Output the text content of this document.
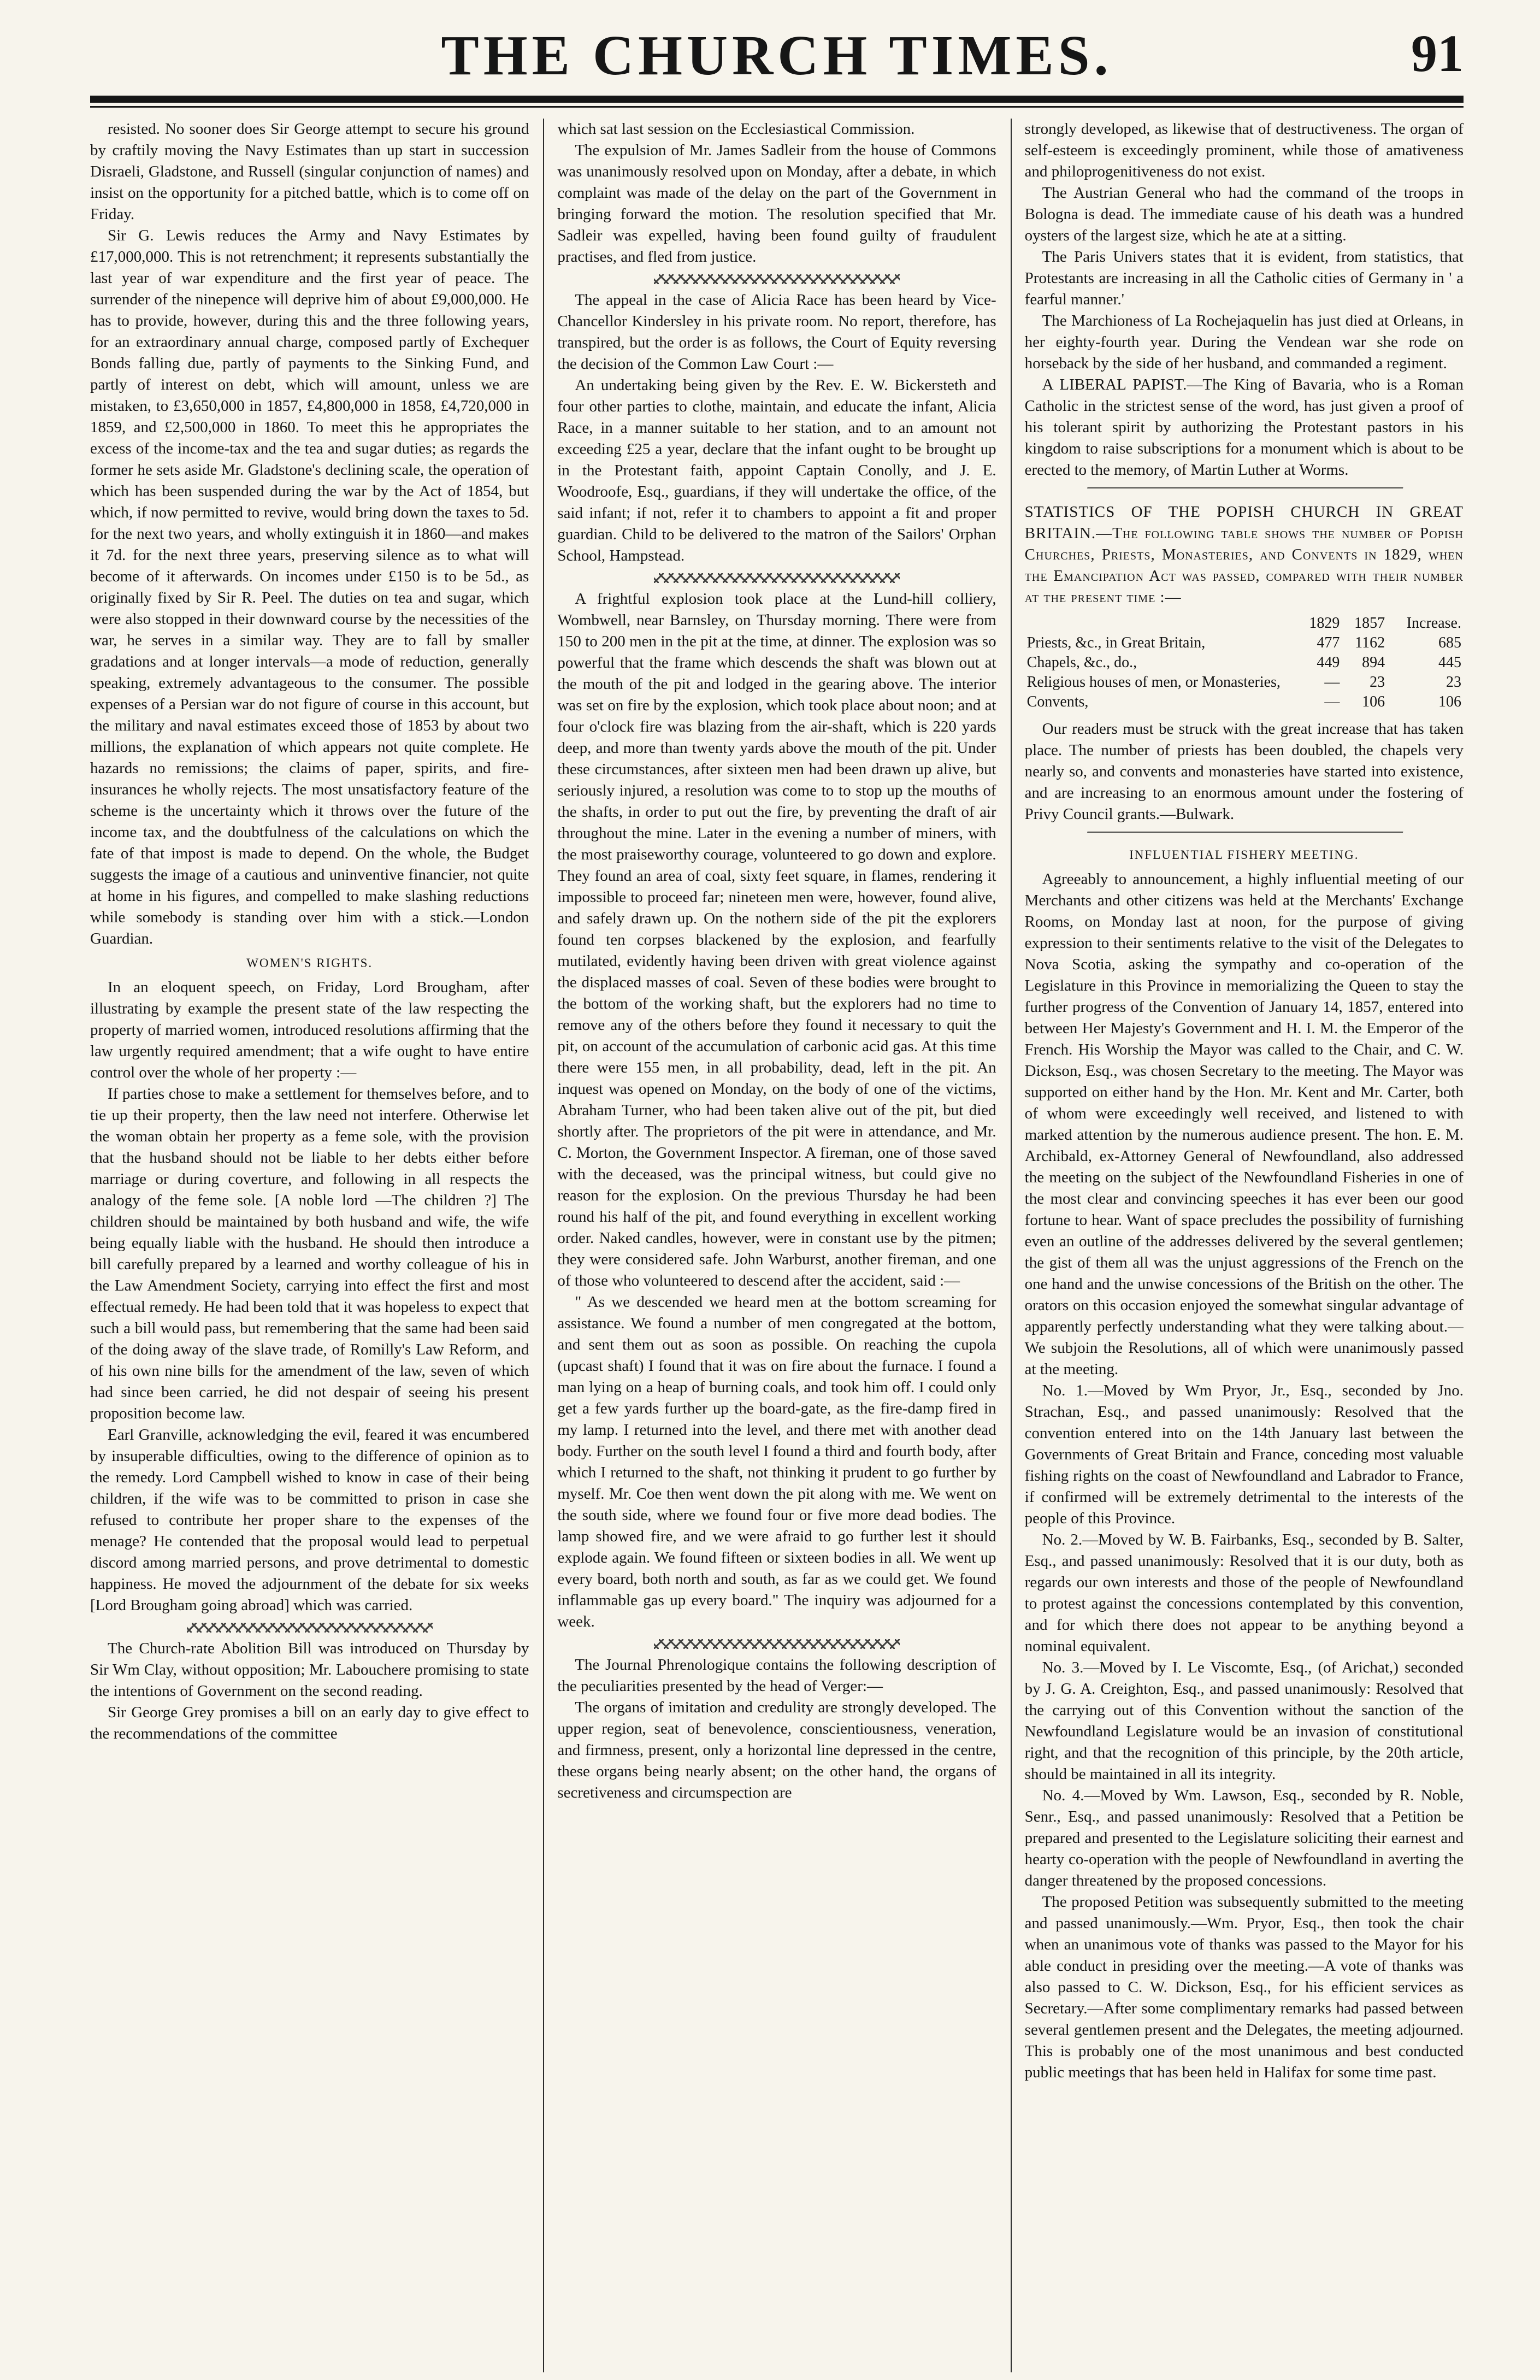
THE CHURCH TIMES.	91

resisted. No sooner does Sir George attempt to secure his ground by craftily moving the Navy Estimates than up start in succession Disraeli, Gladstone, and Russell (singular conjunction of names) and insist on the opportunity for a pitched battle, which is to come off on Friday.

Sir G. Lewis reduces the Army and Navy Estimates by £17,000,000. This is not retrenchment; it represents substantially the last year of war expenditure and the first year of peace. The surrender of the ninepence will deprive him of about £9,000,000. He has to provide, however, during this and the three following years, for an extraordinary annual charge, composed partly of Exchequer Bonds falling due, partly of payments to the Sinking Fund, and partly of interest on debt, which will amount, unless we are mistaken, to £3,650,000 in 1857, £4,800,000 in 1858, £4,720,000 in 1859, and £2,500,000 in 1860. To meet this he appropriates the excess of the income-tax and the tea and sugar duties; as regards the former he sets aside Mr. Gladstone's declining scale, the operation of which has been suspended during the war by the Act of 1854, but which, if now permitted to revive, would bring down the taxes to 5d. for the next two years, and wholly extinguish it in 1860—and makes it 7d. for the next three years, preserving silence as to what will become of it afterwards. On incomes under £150 is to be 5d., as originally fixed by Sir R. Peel. The duties on tea and sugar, which were also stopped in their downward course by the necessities of the war, he serves in a similar way. They are to fall by smaller gradations and at longer intervals—a mode of reduction, generally speaking, extremely advantageous to the consumer. The possible expenses of a Persian war do not figure of course in this account, but the military and naval estimates exceed those of 1853 by about two millions, the explanation of which appears not quite complete. He hazards no remissions; the claims of paper, spirits, and fire-insurances he wholly rejects. The most unsatisfactory feature of the scheme is the uncertainty which it throws over the future of the income tax, and the doubtfulness of the calculations on which the fate of that impost is made to depend. On the whole, the Budget suggests the image of a cautious and uninventive financier, not quite at home in his figures, and compelled to make slashing reductions while somebody is standing over him with a stick.—London Guardian.

WOMEN'S RIGHTS.

In an eloquent speech, on Friday, Lord Brougham, after illustrating by example the present state of the law respecting the property of married women, introduced resolutions affirming that the law urgently required amendment; that a wife ought to have entire control over the whole of her property :—

If parties chose to make a settlement for themselves before, and to tie up their property, then the law need not interfere. Otherwise let the woman obtain her property as a feme sole, with the provision that the husband should not be liable to her debts either before marriage or during coverture, and following in all respects the analogy of the feme sole. [A noble lord —The children ?] The children should be maintained by both husband and wife, the wife being equally liable with the husband. He should then introduce a bill carefully prepared by a learned and worthy colleague of his in the Law Amendment Society, carrying into effect the first and most effectual remedy. He had been told that it was hopeless to expect that such a bill would pass, but remembering that the same had been said of the doing away of the slave trade, of Romilly's Law Reform, and of his own nine bills for the amendment of the law, seven of which had since been carried, he did not despair of seeing his present proposition become law.

Earl Granville, acknowledging the evil, feared it was encumbered by insuperable difficulties, owing to the difference of opinion as to the remedy. Lord Campbell wished to know in case of their being children, if the wife was to be committed to prison in case she refused to contribute her proper share to the expenses of the menage? He contended that the proposal would lead to perpetual discord among married persons, and prove detrimental to domestic happiness. He moved the adjournment of the debate for six weeks [Lord Brougham going abroad] which was carried.

The Church-rate Abolition Bill was introduced on Thursday by Sir Wm Clay, without opposition; Mr. Labouchere promising to state the intentions of Government on the second reading.

Sir George Grey promises a bill on an early day to give effect to the recommendations of the committee

which sat last session on the Ecclesiastical Commission.

The expulsion of Mr. James Sadleir from the house of Commons was unanimously resolved upon on Monday, after a debate, in which complaint was made of the delay on the part of the Government in bringing forward the motion. The resolution specified that Mr. Sadleir was expelled, having been found guilty of fraudulent practises, and fled from justice.

The appeal in the case of Alicia Race has been heard by Vice-Chancellor Kindersley in his private room. No report, therefore, has transpired, but the order is as follows, the Court of Equity reversing the decision of the Common Law Court :—

An undertaking being given by the Rev. E. W. Bickersteth and four other parties to clothe, maintain, and educate the infant, Alicia Race, in a manner suitable to her station, and to an amount not exceeding £25 a year, declare that the infant ought to be brought up in the Protestant faith, appoint Captain Conolly, and J. E. Woodroofe, Esq., guardians, if they will undertake the office, of the said infant; if not, refer it to chambers to appoint a fit and proper guardian. Child to be delivered to the matron of the Sailors' Orphan School, Hampstead.

A frightful explosion took place at the Lund-hill colliery, Wombwell, near Barnsley, on Thursday morning. There were from 150 to 200 men in the pit at the time, at dinner. The explosion was so powerful that the frame which descends the shaft was blown out at the mouth of the pit and lodged in the gearing above. The interior was set on fire by the explosion, which took place about noon; and at four o'clock fire was blazing from the air-shaft, which is 220 yards deep, and more than twenty yards above the mouth of the pit. Under these circumstances, after sixteen men had been drawn up alive, but seriously injured, a resolution was come to to stop up the mouths of the shafts, in order to put out the fire, by preventing the draft of air throughout the mine. Later in the evening a number of miners, with the most praiseworthy courage, volunteered to go down and explore. They found an area of coal, sixty feet square, in flames, rendering it impossible to proceed far; nineteen men were, however, found alive, and safely drawn up. On the nothern side of the pit the explorers found ten corpses blackened by the explosion, and fearfully mutilated, evidently having been driven with great violence against the displaced masses of coal. Seven of these bodies were brought to the bottom of the working shaft, but the explorers had no time to remove any of the others before they found it necessary to quit the pit, on account of the accumulation of carbonic acid gas. At this time there were 155 men, in all probability, dead, left in the pit. An inquest was opened on Monday, on the body of one of the victims, Abraham Turner, who had been taken alive out of the pit, but died shortly after. The proprietors of the pit were in attendance, and Mr. C. Morton, the Government Inspector. A fireman, one of those saved with the deceased, was the principal witness, but could give no reason for the explosion. On the previous Thursday he had been round his half of the pit, and found everything in excellent working order. Naked candles, however, were in constant use by the pitmen; they were considered safe. John Warburst, another fireman, and one of those who volunteered to descend after the accident, said :—

" As we descended we heard men at the bottom screaming for assistance. We found a number of men congregated at the bottom, and sent them out as soon as possible. On reaching the cupola (upcast shaft) I found that it was on fire about the furnace. I found a man lying on a heap of burning coals, and took him off. I could only get a few yards further up the board-gate, as the fire-damp fired in my lamp. I returned into the level, and there met with another dead body. Further on the south level I found a third and fourth body, after which I returned to the shaft, not thinking it prudent to go further by myself. Mr. Coe then went down the pit along with me. We went on the south side, where we found four or five more dead bodies. The lamp showed fire, and we were afraid to go further lest it should explode again. We found fifteen or sixteen bodies in all. We went up every board, both north and south, as far as we could get. We found inflammable gas up every board." The inquiry was adjourned for a week.

The Journal Phrenologique contains the following description of the peculiarities presented by the head of Verger:—

The organs of imitation and credulity are strongly developed. The upper region, seat of benevolence, conscientiousness, veneration, and firmness, present, only a horizontal line depressed in the centre, these organs being nearly absent; on the other hand, the organs of secretiveness and circumspection are

strongly developed, as likewise that of destructiveness. The organ of self-esteem is exceedingly prominent, while those of amativeness and philoprogenitiveness do not exist.

The Austrian General who had the command of the troops in Bologna is dead. The immediate cause of his death was a hundred oysters of the largest size, which he ate at a sitting.

The Paris Univers states that it is evident, from statistics, that Protestants are increasing in all the Catholic cities of Germany in ' a fearful manner.'

The Marchioness of La Rochejaquelin has just died at Orleans, in her eighty-fourth year. During the Vendean war she rode on horseback by the side of her husband, and commanded a regiment.

A LIBERAL PAPIST.—The King of Bavaria, who is a Roman Catholic in the strictest sense of the word, has just given a proof of his tolerant spirit by authorizing the Protestant pastors in his kingdom to raise subscriptions for a monument which is about to be erected to the memory, of Martin Luther at Worms.

STATISTICS OF THE POPISH CHURCH IN GREAT BRITAIN.—The following table shows the number of Popish Churches, Priests, Monasteries, and Convents in 1829, when the Emancipation Act was passed, compared with their number at the present time :—

	1829	1857	Increase.
Priests, &c., in Great Britain,	477	1162	685
Chapels, &c., do.,	449	894	445
Religious houses of men, or Monasteries,	—	23	23
Convents,	—	106	106

Our readers must be struck with the great increase that has taken place. The number of priests has been doubled, the chapels very nearly so, and convents and monasteries have started into existence, and are increasing to an enormous amount under the fostering of Privy Council grants.—Bulwark.

INFLUENTIAL FISHERY MEETING.

Agreeably to announcement, a highly influential meeting of our Merchants and other citizens was held at the Merchants' Exchange Rooms, on Monday last at noon, for the purpose of giving expression to their sentiments relative to the visit of the Delegates to Nova Scotia, asking the sympathy and co-operation of the Legislature in this Province in memorializing the Queen to stay the further progress of the Convention of January 14, 1857, entered into between Her Majesty's Government and H. I. M. the Emperor of the French. His Worship the Mayor was called to the Chair, and C. W. Dickson, Esq., was chosen Secretary to the meeting. The Mayor was supported on either hand by the Hon. Mr. Kent and Mr. Carter, both of whom were exceedingly well received, and listened to with marked attention by the numerous audience present. The hon. E. M. Archibald, ex-Attorney General of Newfoundland, also addressed the meeting on the subject of the Newfoundland Fisheries in one of the most clear and convincing speeches it has ever been our good fortune to hear. Want of space precludes the possibility of furnishing even an outline of the addresses delivered by the several gentlemen; the gist of them all was the unjust aggressions of the French on the one hand and the unwise concessions of the British on the other. The orators on this occasion enjoyed the somewhat singular advantage of apparently perfectly understanding what they were talking about.— We subjoin the Resolutions, all of which were unanimously passed at the meeting.

No. 1.—Moved by Wm Pryor, Jr., Esq., seconded by Jno. Strachan, Esq., and passed unanimously: Resolved that the convention entered into on the 14th January last between the Governments of Great Britain and France, conceding most valuable fishing rights on the coast of Newfoundland and Labrador to France, if confirmed will be extremely detrimental to the interests of the people of this Province.

No. 2.—Moved by W. B. Fairbanks, Esq., seconded by B. Salter, Esq., and passed unanimously: Resolved that it is our duty, both as regards our own interests and those of the people of Newfoundland to protest against the concessions contemplated by this convention, and for which there does not appear to be anything beyond a nominal equivalent.

No. 3.—Moved by I. Le Viscomte, Esq., (of Arichat,) seconded by J. G. A. Creighton, Esq., and passed unanimously: Resolved that the carrying out of this Convention without the sanction of the Newfoundland Legislature would be an invasion of constitutional right, and that the recognition of this principle, by the 20th article, should be maintained in all its integrity.

No. 4.—Moved by Wm. Lawson, Esq., seconded by R. Noble, Senr., Esq., and passed unanimously: Resolved that a Petition be prepared and presented to the Legislature soliciting their earnest and hearty co-operation with the people of Newfoundland in averting the danger threatened by the proposed concessions.

The proposed Petition was subsequently submitted to the meeting and passed unanimously.—Wm. Pryor, Esq., then took the chair when an unanimous vote of thanks was passed to the Mayor for his able conduct in presiding over the meeting.—A vote of thanks was also passed to C. W. Dickson, Esq., for his efficient services as Secretary.—After some complimentary remarks had passed between several gentlemen present and the Delegates, the meeting adjourned. This is probably one of the most unanimous and best conducted public meetings that has been held in Halifax for some time past.
